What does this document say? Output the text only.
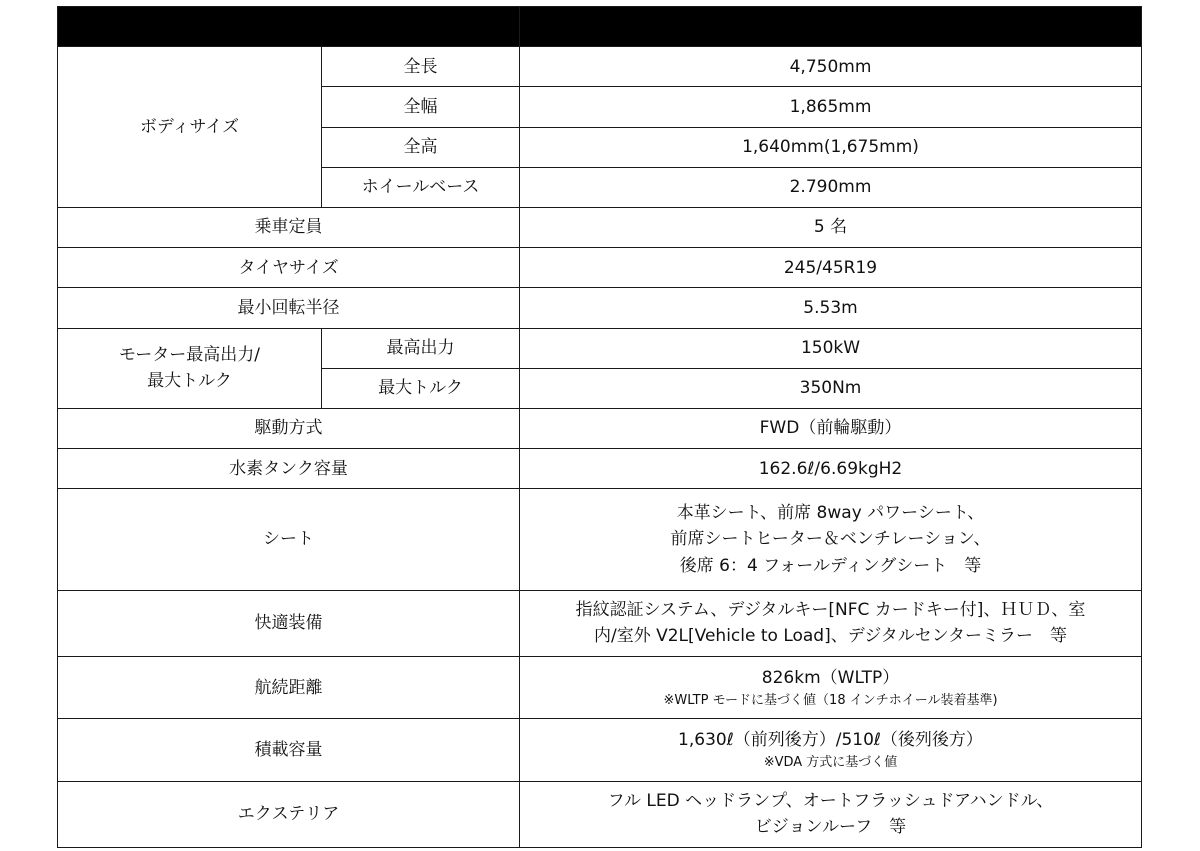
ボディサイズ	全長	4,750mm
	全幅	1,865mm
	全高	1,640mm(1,675mm)
	ホイールベース	2.790mm
乗車定員		5 名
タイヤサイズ		245/45R19
最小回転半径		5.53m

モーター最高出力/
最大トルク	最高出力	150kW
	最大トルク	350Nm
駆動方式		FWD（前輪駆動）
水素タンク容量		162.6ℓ/6.69kgH2
シート		本革シート、前席 8way パワーシート、
前席シートヒーター＆ベンチレーション、
後席 6：4 フォールディングシート　等

快適装備		指紋認証システム、デジタルキー[NFC カードキー付]、ＨＵＤ、室
内/室外 V2L[Vehicle to Load]、デジタルセンターミラー　等

航続距離		826km（WLTP）
※WLTP モードに基づく値（18 インチホイール装着基準)

積載容量		1,630ℓ（前列後方）/510ℓ（後列後方）
※VDA 方式に基づく値

エクステリア		フル LED ヘッドランプ、オートフラッシュドアハンドル、
ビジョンルーフ　等
